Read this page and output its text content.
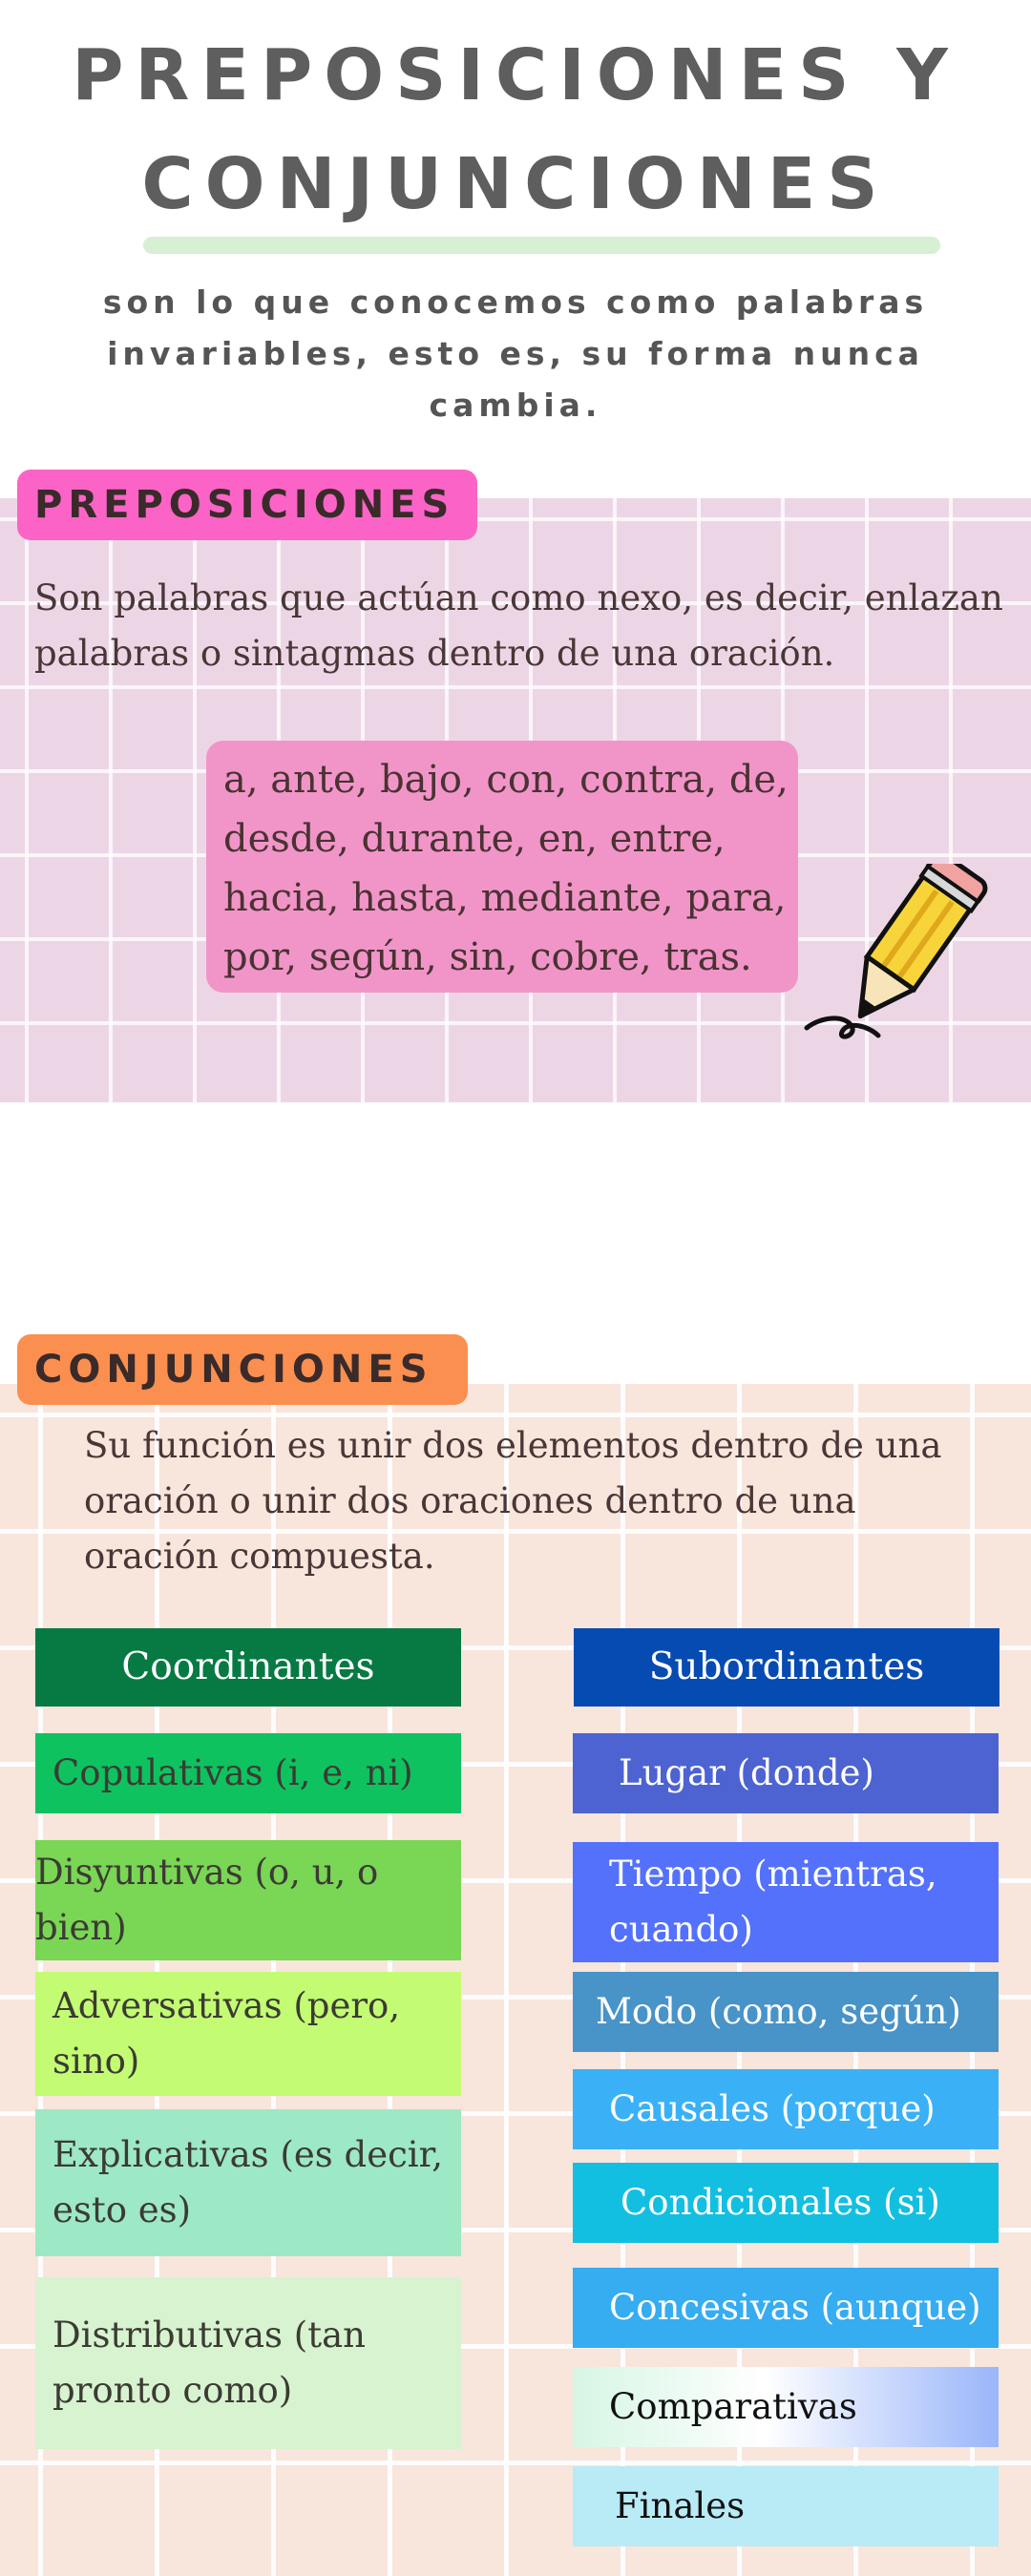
PREPOSICIONES Y
CONJUNCIONES
son lo que conocemos como palabras
invariables, esto es, su forma nunca
cambia.
PREPOSICIONES
Son palabras que actúan como nexo, es decir, enlazan
palabras o sintagmas dentro de una oración.
a, ante, bajo, con, contra, de,
desde, durante, en, entre,
hacia, hasta, mediante, para,
por, según, sin, cobre, tras.
CONJUNCIONES
Su función es unir dos elementos dentro de una
oración o unir dos oraciones dentro de una
oración compuesta.
Coordinantes
Copulativas (i, e, ni)
Disyuntivas (o, u, o
bien)
Adversativas (pero,
sino)
Explicativas (es decir,
esto es)
Distributivas (tan
pronto como)
Subordinantes
Lugar (donde)
Tiempo (mientras,
cuando)
Modo (como, según)
Causales (porque)
Condicionales (si)
Concesivas (aunque)
Comparativas
Finales
